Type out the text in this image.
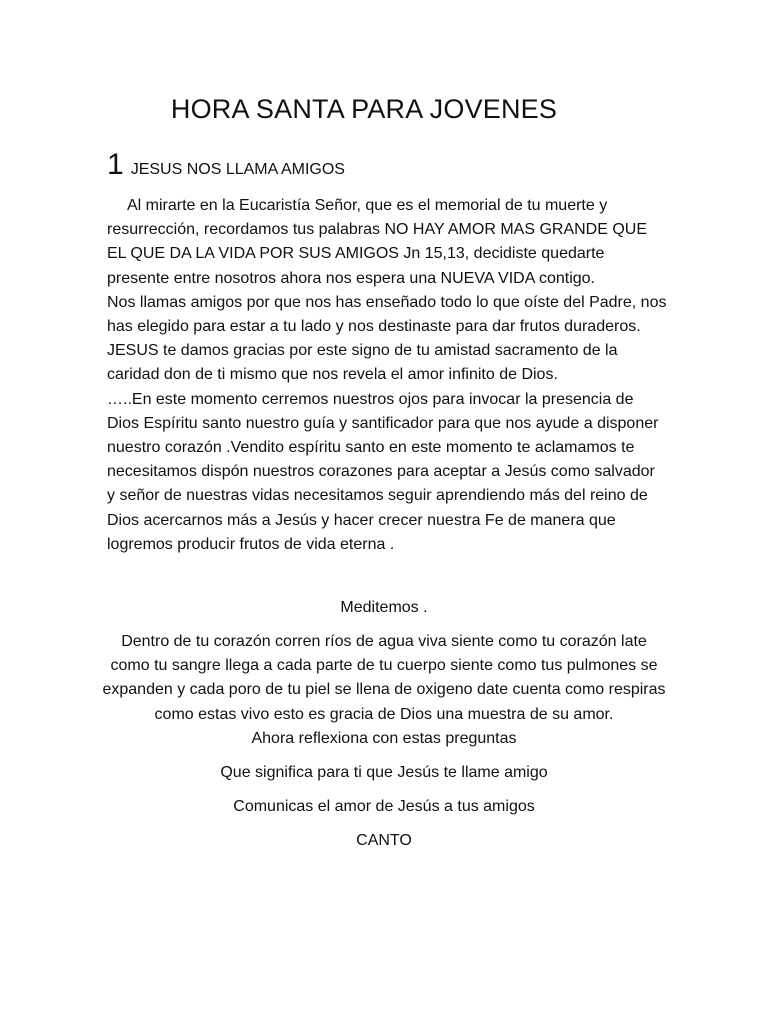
HORA SANTA PARA JOVENES
1 JESUS NOS LLAMA AMIGOS

Al mirarte en la Eucaristía Señor, que es el memorial de tu muerte y resurrección, recordamos tus palabras NO HAY AMOR MAS GRANDE QUE EL QUE DA LA VIDA POR SUS AMIGOS Jn 15,13, decidiste quedarte presente entre nosotros ahora nos espera una NUEVA VIDA contigo.

Nos llamas amigos por que nos has enseñado todo lo que oíste del Padre, nos has elegido para estar a tu lado y nos destinaste para dar frutos duraderos. JESUS te damos gracias por este signo de tu amistad sacramento de la caridad don de ti mismo que nos revela el amor infinito de Dios.

…..En este momento cerremos nuestros ojos para invocar la presencia de Dios Espíritu santo nuestro guía y santificador para que nos ayude a disponer nuestro corazón .Vendito espíritu santo en este momento te aclamamos te necesitamos dispón nuestros corazones para aceptar a Jesús como salvador y señor de nuestras vidas necesitamos seguir aprendiendo más del reino de Dios acercarnos más a Jesús y hacer crecer nuestra Fe de manera que logremos producir frutos de vida eterna .

Meditemos .

Dentro de tu corazón corren ríos de agua viva siente como tu corazón late como tu sangre llega a cada parte de tu cuerpo siente como tus pulmones se expanden y cada poro de tu piel se llena de oxigeno date cuenta como respiras como estas vivo esto es gracia de Dios una muestra de su amor.
Ahora reflexiona con estas preguntas

Que significa para ti que Jesús te llame amigo

Comunicas el amor de Jesús a tus amigos

CANTO
